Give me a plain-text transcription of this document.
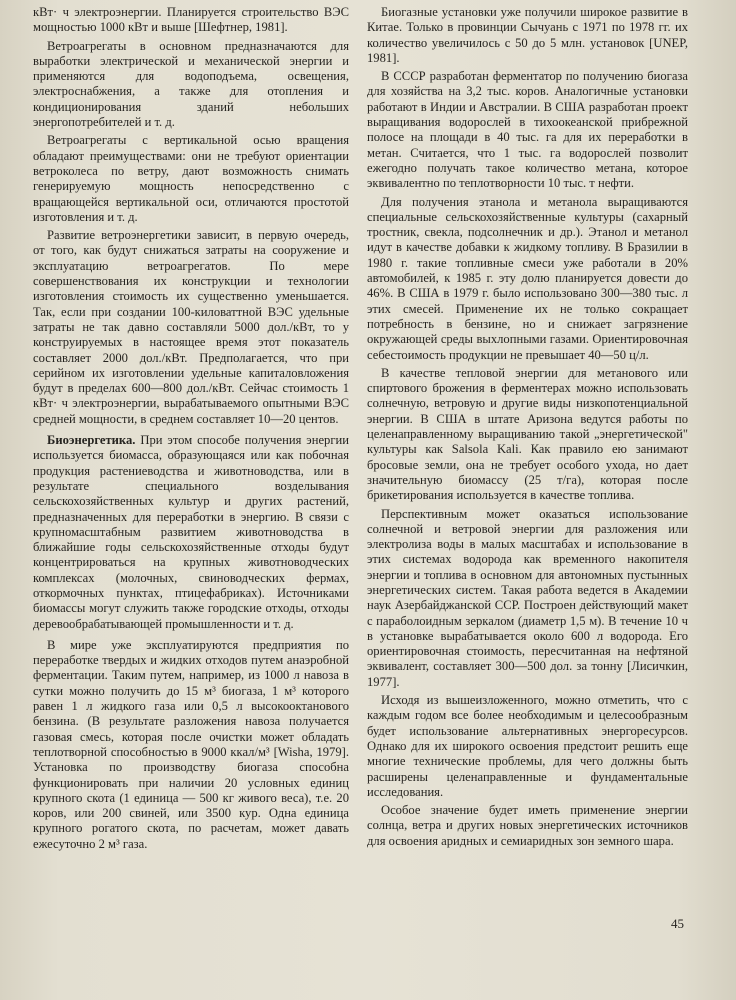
кВт· ч электроэнергии. Планируется строительство ВЭС мощностью 1000 кВт и выше [Шефтнер, 1981].

Ветроагрегаты в основном предназначаются для выработки электрической и механической энергии и применяются для водоподъема, освещения, электроснабжения, а также для отопления и кондиционирования зданий небольших энергопотребителей и т. д.

Ветроагрегаты с вертикальной осью вращения обладают преимуществами: они не требуют ориентации ветроколеса по ветру, дают возможность снимать генерируемую мощность непосредственно с вращающейся вертикальной оси, отличаются простотой изготовления и т. д.

Развитие ветроэнергетики зависит, в первую очередь, от того, как будут снижаться затраты на сооружение и эксплуатацию ветроагрегатов. По мере совершенствования их конструкции и технологии изготовления стоимость их существенно уменьшается. Так, если при создании 100-киловаттной ВЭС удельные затраты не так давно составляли 5000 дол./кВт, то у конструируемых в настоящее время этот показатель составляет 2000 дол./кВт. Предполагается, что при серийном их изготовлении удельные капиталовложения будут в пределах 600—800 дол./кВт. Сейчас стоимость 1 кВт· ч электроэнергии, вырабатываемого опытными ВЭС средней мощности, в среднем составляет 10—20 центов.

Биоэнергетика. При этом способе получения энергии используется биомасса, образующаяся или как побочная продукция растениеводства и животноводства, или в результате специального возделывания сельскохозяйственных культур и других растений, предназначенных для переработки в энергию. В связи с крупномасштабным развитием животноводства в ближайшие годы сельскохозяйственные отходы будут концентрироваться на крупных животноводческих комплексах (молочных, свиноводческих фермах, откормочных пунктах, птицефабриках). Источниками биомассы могут служить также городские отходы, отходы деревообрабатывающей промышленности и т. д.

В мире уже эксплуатируются предприятия по переработке твердых и жидких отходов путем анаэробной ферментации. Таким путем, например, из 1000 л навоза в сутки можно получить до 15 м³ биогаза, 1 м³ которого равен 1 л жидкого газа или 0,5 л высокооктанового бензина. (В результате разложения навоза получается газовая смесь, которая после очистки может обладать теплотворной способностью в 9000 ккал/м³ [Wisha, 1979]. Установка по производству биогаза способна функционировать при наличии 20 условных единиц крупного скота (1 единица — 500 кг живого веса), т.е. 20 коров, или 200 свиней, или 3500 кур. Одна единица крупного рогатого скота, по расчетам, может давать ежесуточно 2 м³ газа.

Биогазные установки уже получили широкое развитие в Китае. Только в провинции Сычуань с 1971 по 1978 гг. их количество увеличилось с 50 до 5 млн. установок [UNEP, 1981].

В СССР разработан ферментатор по получению биогаза для хозяйства на 3,2 тыс. коров. Аналогичные установки работают в Индии и Австралии. В США разработан проект выращивания водорослей в тихоокеанской прибрежной полосе на площади в 40 тыс. га для их переработки в метан. Считается, что 1 тыс. га водорослей позволит ежегодно получать такое количество метана, которое эквивалентно по теплотворности 10 тыс. т нефти.

Для получения этанола и метанола выращиваются специальные сельскохозяйственные культуры (сахарный тростник, свекла, подсолнечник и др.). Этанол и метанол идут в качестве добавки к жидкому топливу. В Бразилии в 1980 г. такие топливные смеси уже работали в 20% автомобилей, к 1985 г. эту долю планируется довести до 46%. В США в 1979 г. было использовано 300—380 тыс. л этих смесей. Применение их не только сокращает потребность в бензине, но и снижает загрязнение окружающей среды выхлопными газами. Ориентировочная себестоимость продукции не превышает 40—50 ц/л.

В качестве тепловой энергии для метанового или спиртового брожения в ферментерах можно использовать солнечную, ветровую и другие виды низкопотенциальной энергии. В США в штате Аризона ведутся работы по целенаправленному выращиванию такой „энергетической" культуры как Salsola Kali. Как правило ею занимают бросовые земли, она не требует особого ухода, но дает значительную биомассу (25 т/га), которая после брикетирования используется в качестве топлива.

Перспективным может оказаться использование солнечной и ветровой энергии для разложения или электролиза воды в малых масштабах и использование в этих системах водорода как временного накопителя энергии и топлива в основном для автономных пустынных энергетических систем. Такая работа ведется в Академии наук Азербайджанской ССР. Построен действующий макет с параболоидным зеркалом (диаметр 1,5 м). В течение 10 ч в установке вырабатывается около 600 л водорода. Его ориентировочная стоимость, пересчитанная на нефтяной эквивалент, составляет 300—500 дол. за тонну [Лисичкин, 1977].

Исходя из вышеизложенного, можно отметить, что с каждым годом все более необходимым и целесообразным будет использование альтернативных энергоресурсов. Однако для их широкого освоения предстоит решить еще многие технические проблемы, для чего должны быть расширены целенаправленные и фундаментальные исследования.

Особое значение будет иметь применение энергии солнца, ветра и других новых энергетических источников для освоения аридных и семиаридных зон земного шара.

45
